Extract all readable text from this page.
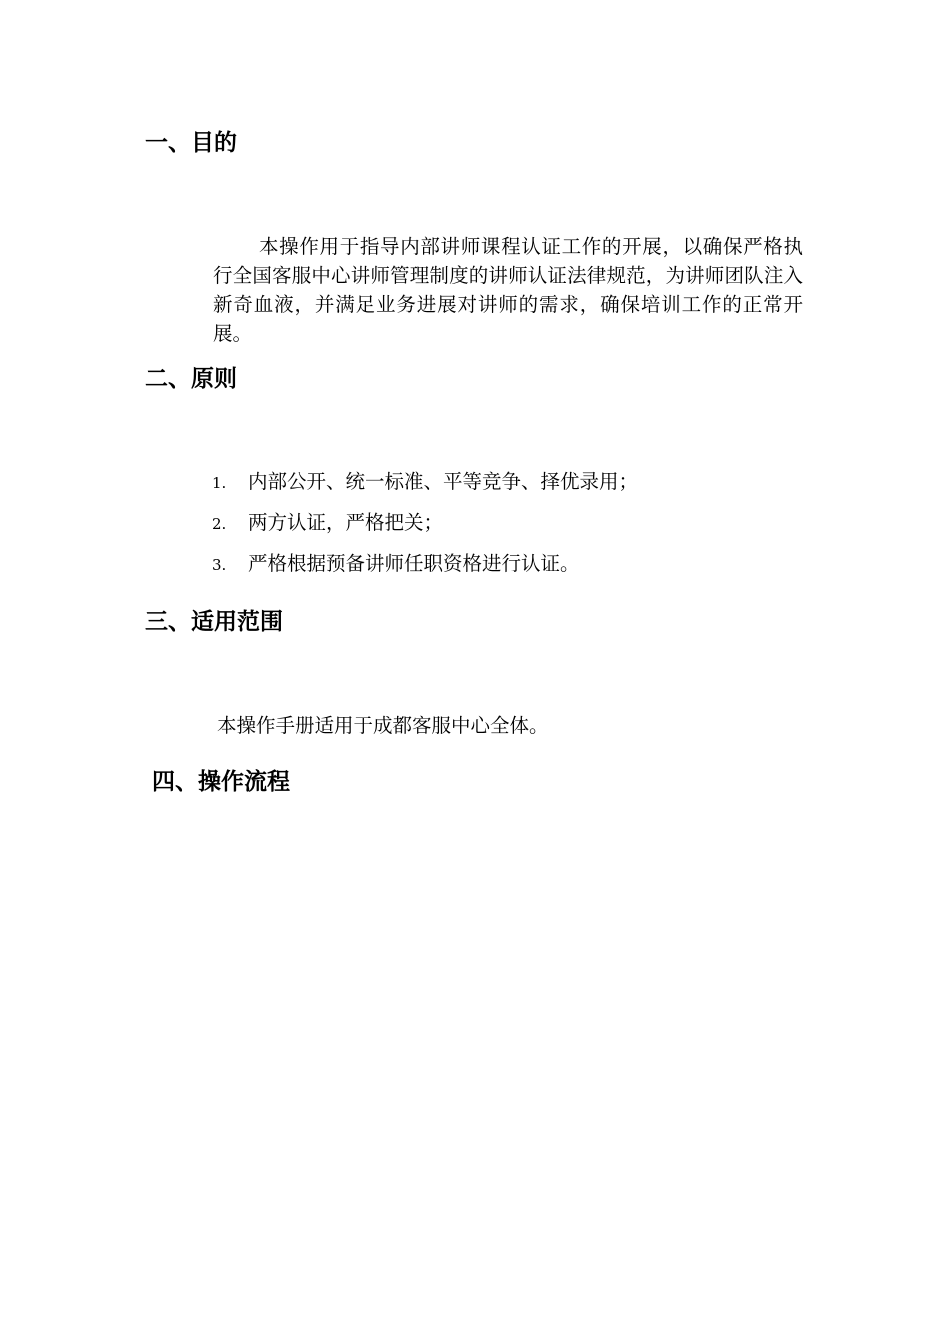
一、目的

本操作用于指导内部讲师课程认证工作的开展，以确保严格执行全国客服中心讲师管理制度的讲师认证法律规范，为讲师团队注入新奇血液，并满足业务进展对讲师的需求，确保培训工作的正常开展。

二、原则
1.	内部公开、统一标准、平等竞争、择优录用；
2.	两方认证，严格把关；
3.	严格根据预备讲师任职资格进行认证。
三、适用范围

本操作手册适用于成都客服中心全体。

四、操作流程
